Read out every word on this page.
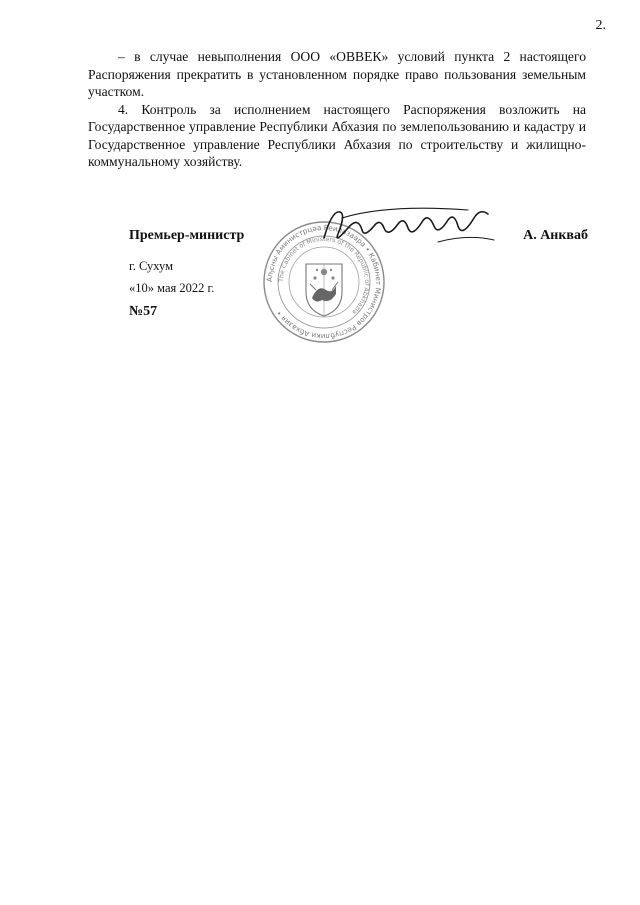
2.

– в случае невыполнения ООО «ОВВЕК» условий пункта 2 настоящего Распоряжения прекратить в установленном порядке право пользования земельным участком.

4. Контроль за исполнением настоящего Распоряжения возложить на Государственное управление Республики Абхазия по землепользованию и кадастру и Государственное управление Республики Абхазия по строительству и жилищно-коммунальному хозяйству.

Аҧсны Аминистрцәа Реилазаара • Кабинет Министров Республики Абхазия •
The Cabinet of Ministers of the Republic of Abkhazia
Премьер-министр	А. Анкваб
г. Сухум
«10» мая 2022 г.
№57
